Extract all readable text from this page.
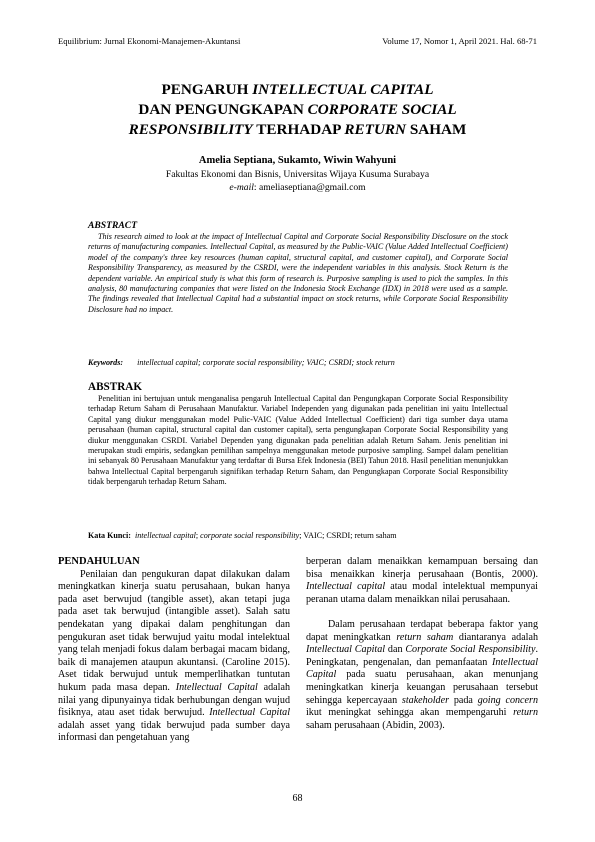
Equilibrium: Jurnal Ekonomi-Manajemen-Akuntansi	Volume 17, Nomor 1, April 2021. Hal. 68-71
PENGARUH INTELLECTUAL CAPITAL
DAN PENGUNGKAPAN CORPORATE SOCIAL
RESPONSIBILITY TERHADAP RETURN SAHAM
Amelia Septiana, Sukamto, Wiwin Wahyuni
Fakultas Ekonomi dan Bisnis, Universitas Wijaya Kusuma Surabaya
e-mail: ameliaseptiana@gmail.com
ABSTRACT

This research aimed to look at the impact of Intellectual Capital and Corporate Social Responsibility Disclosure on the stock returns of manufacturing companies. Intellectual Capital, as measured by the Public-VAIC (Value Added Intellectual Coefficient) model of the company's three key resources (human capital, structural capital, and customer capital), and Corporate Social Responsibility Transparency, as measured by the CSRDI, were the independent variables in this analysis. Stock Return is the dependent variable. An empirical study is what this form of research is. Purposive sampling is used to pick the samples. In this analysis, 80 manufacturing companies that were listed on the Indonesia Stock Exchange (IDX) in 2018 were used as a sample. The findings revealed that Intellectual Capital had a substantial impact on stock returns, while Corporate Social Responsibility Disclosure had no impact.

Keywords: intellectual capital; corporate social responsibility; VAIC; CSRDI; stock return
ABSTRAK

Penelitian ini bertujuan untuk menganalisa pengaruh Intellectual Capital dan Pengungkapan Corporate Social Responsibility terhadap Return Saham di Perusahaan Manufaktur. Variabel Independen yang digunakan pada penelitian ini yaitu Intellectual Capital yang diukur menggunakan model Pulic-VAIC (Value Added Intellectual Coefficient) dari tiga sumber daya utama perusahaan (human capital, structural capital dan customer capital), serta pengungkapan Corporate Social Responsibility yang diukur menggunakan CSRDI. Variabel Dependen yang digunakan pada penelitian adalah Return Saham. Jenis penelitian ini merupakan studi empiris, sedangkan pemilihan sampelnya menggunakan metode purposive sampling. Sampel dalam penelitian ini sebanyak 80 Perusahaan Manufaktur yang terdaftar di Bursa Efek Indonesia (BEI) Tahun 2018. Hasil penelitian menunjukkan bahwa Intellectual Capital berpengaruh signifikan terhadap Return Saham, dan Pengungkapan Corporate Social Responsibility tidak berpengaruh terhadap Return Saham.

Kata Kunci: intellectual capital; corporate social responsibility; VAIC; CSRDI; return saham
PENDAHULUAN

Penilaian dan pengukuran dapat dilakukan dalam meningkatkan kinerja suatu perusahaan, bukan hanya pada aset berwujud (tangible asset), akan tetapi juga pada aset tak berwujud (intangible asset). Salah satu pendekatan yang dipakai dalam penghitungan dan pengukuran aset tidak berwujud yaitu modal intelektual yang telah menjadi fokus dalam berbagai macam bidang, baik di manajemen ataupun akuntansi. (Caroline 2015). Aset tidak berwujud untuk memperlihatkan tuntutan hukum pada masa depan. Intellectual Capital adalah nilai yang dipunyainya tidak berhubungan dengan wujud fisiknya, atau aset tidak berwujud. Intellectual Capital adalah asset yang tidak berwujud pada sumber daya informasi dan pengetahuan yang

berperan dalam menaikkan kemampuan bersaing dan bisa menaikkan kinerja perusahaan (Bontis, 2000). Intellectual capital atau modal intelektual mempunyai peranan utama dalam menaikkan nilai perusahaan.

Dalam perusahaan terdapat beberapa faktor yang dapat meningkatkan return saham diantaranya adalah Intellectual Capital dan Corporate Social Responsibility. Peningkatan, pengenalan, dan pemanfaatan Intellectual Capital pada suatu perusahaan, akan menunjang meningkatkan kinerja keuangan perusahaan tersebut sehingga kepercayaan stakeholder pada going concern ikut meningkat sehingga akan mempengaruhi return saham perusahaan (Abidin, 2003).

68
